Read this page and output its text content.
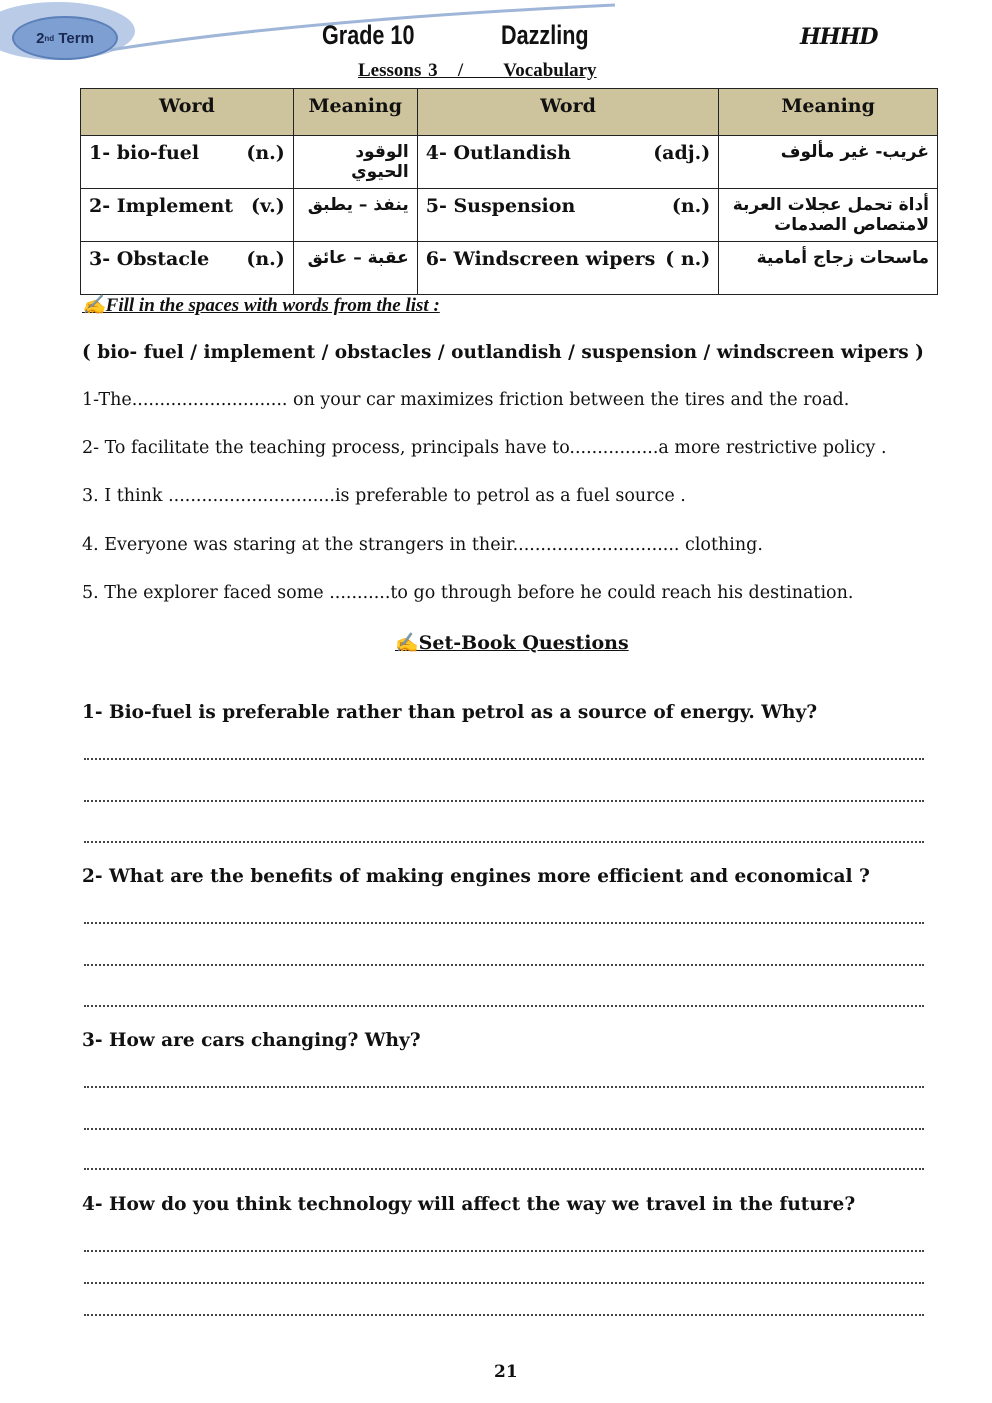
2 nd
Term	Grade 10	Dazzling	HHHD
Lessons 3   /      Vocabulary
Word	Meaning	Word	Meaning
1- bio-fuel (n.)	الوقود الحيوي	4- Outlandish (adj.)	غريب- غير مألوف
2- Implement (v.)	ينفذ – يطبق	5- Suspension (n.)	أداة تحمل عجلات العربة لامتصاص الصدمات
3- Obstacle (n.)	عقبة – عائق	6- Windscreen wipers ( n.)	ماسحات زجاج أمامية
✍Fill in the spaces with words from the list :
( bio- fuel / implement / obstacles / outlandish / suspension / windscreen wipers )
1-The............................ on your car maximizes friction between the tires and the road.
2- To facilitate the teaching process, principals have to................a more restrictive policy .
3. I think ..............................is preferable to petrol as a fuel source .
4. Everyone was staring at the strangers in their.............................. clothing.
5. The explorer faced some ...........to go through before he could reach his destination.
✍Set-Book Questions
1- Bio-fuel is preferable rather than petrol as a source of energy. Why?
2- What are the benefits of making engines more efficient and economical ?
3- How are cars changing? Why?
4- How do you think technology will affect the way we travel in the future?
21
